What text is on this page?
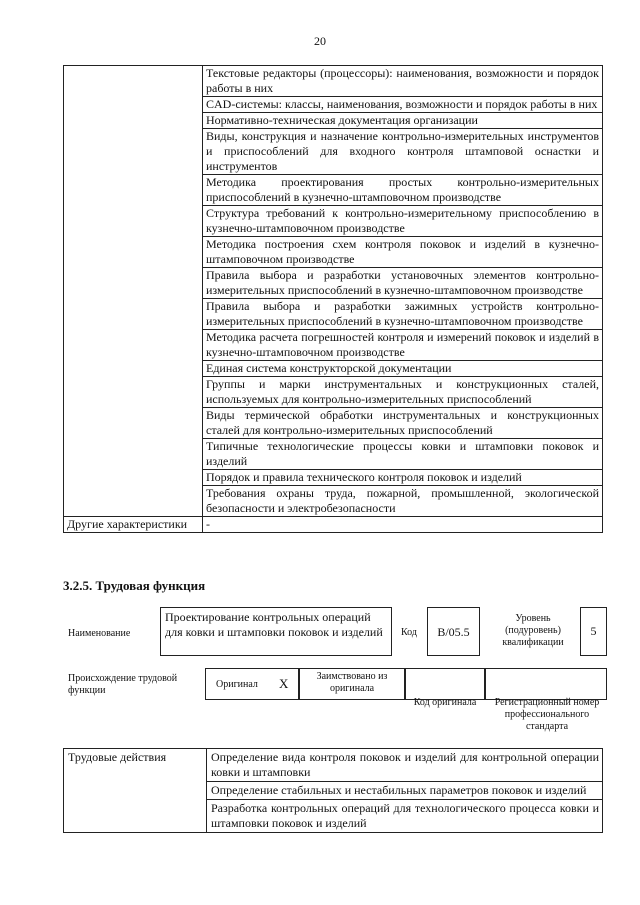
20
	Текстовые редакторы (процессоры): наименования, возможности и порядок работы в них
	CAD-системы: классы, наименования, возможности и порядок работы в них
	Нормативно-техническая документация организации
	Виды, конструкция и назначение контрольно-измерительных инструментов и приспособлений для входного контроля штамповой оснастки и инструментов
	Методика проектирования простых контрольно-измерительных приспособлений в кузнечно-штамповочном производстве
	Структура требований к контрольно-измерительному приспособлению в кузнечно-штамповочном производстве
	Методика построения схем контроля поковок и изделий в кузнечно-штамповочном производстве
	Правила выбора и разработки установочных элементов контрольно-измерительных приспособлений в кузнечно-штамповочном производстве
	Правила выбора и разработки зажимных устройств контрольно-измерительных приспособлений в кузнечно-штамповочном производстве
	Методика расчета погрешностей контроля и измерений поковок и изделий в кузнечно-штамповочном производстве
	Единая система конструкторской документации
	Группы и марки инструментальных и конструкционных сталей, используемых для контрольно-измерительных приспособлений
	Виды термической обработки инструментальных и конструкционных сталей для контрольно-измерительных приспособлений
	Типичные технологические процессы ковки и штамповки поковок и изделий
	Порядок и правила технического контроля поковок и изделий
	Требования охраны труда, пожарной, промышленной, экологической безопасности и электробезопасности
Другие характеристики	-
3.2.5. Трудовая функция
Наименование
Проектирование контрольных операций для ковки и штамповки поковок и изделий	Код	B/05.5
Уровень (подуровень) квалификации
5
Происхождение трудовой функции
Оригинал X	Заимствовано из оригинала
Код оригинала	Регистрационный номер профессионального стандарта
Трудовые действия	Определение вида контроля поковок и изделий для контрольной операции ковки и штамповки
Определение стабильных и нестабильных параметров поковок и изделий
Разработка контрольных операций для технологического процесса ковки и штамповки поковок и изделий
